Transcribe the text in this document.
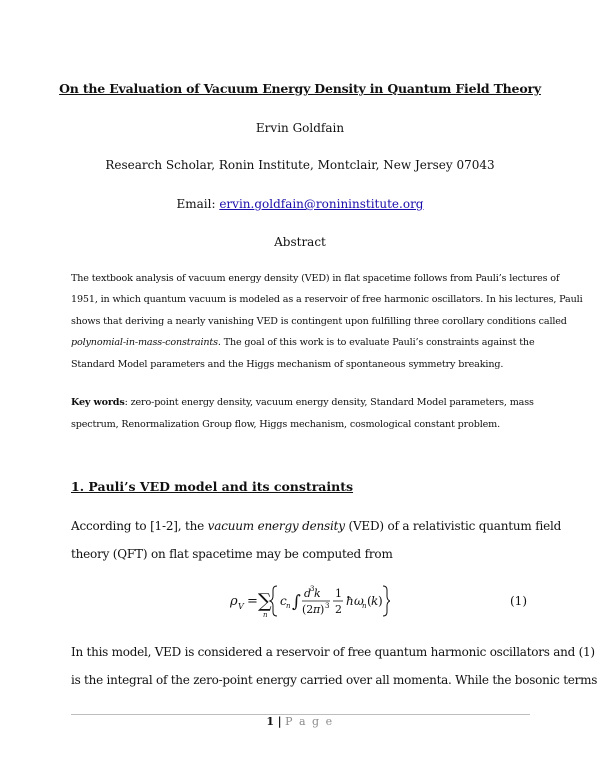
On the Evaluation of Vacuum Energy Density in Quantum Field Theory
Ervin Goldfain
Research Scholar, Ronin Institute, Montclair, New Jersey 07043
Email: ervin.goldfain@ronininstitute.org
Abstract
The textbook analysis of vacuum energy density (VED) in flat spacetime follows from Pauli’s lectures of
1951, in which quantum vacuum is modeled as a reservoir of free harmonic oscillators. In his lectures, Pauli
shows that deriving a nearly vanishing VED is contingent upon fulfilling three corollary conditions called
polynomial-in-mass-constraints. The goal of this work is to evaluate Pauli’s constraints against the
Standard Model parameters and the Higgs mechanism of spontaneous symmetry breaking.
Key words: zero-point energy density, vacuum energy density, Standard Model parameters, mass
spectrum, Renormalization Group flow, Higgs mechanism, cosmological constant problem.
1. Pauli’s VED model and its constraints
According to [1-2], the vacuum energy density (VED) of a relativistic quantum field
theory (QFT) on flat spacetime may be computed from
ρ V = ∑
n
c n ∫ d
3 k
(2 π ) 3
1
2
ħ ω
n ( k )	(1)
In this model, VED is considered a reservoir of free quantum harmonic oscillators and (1)
is the integral of the zero-point energy carried over all momenta. While the bosonic terms
1 | P a g e
